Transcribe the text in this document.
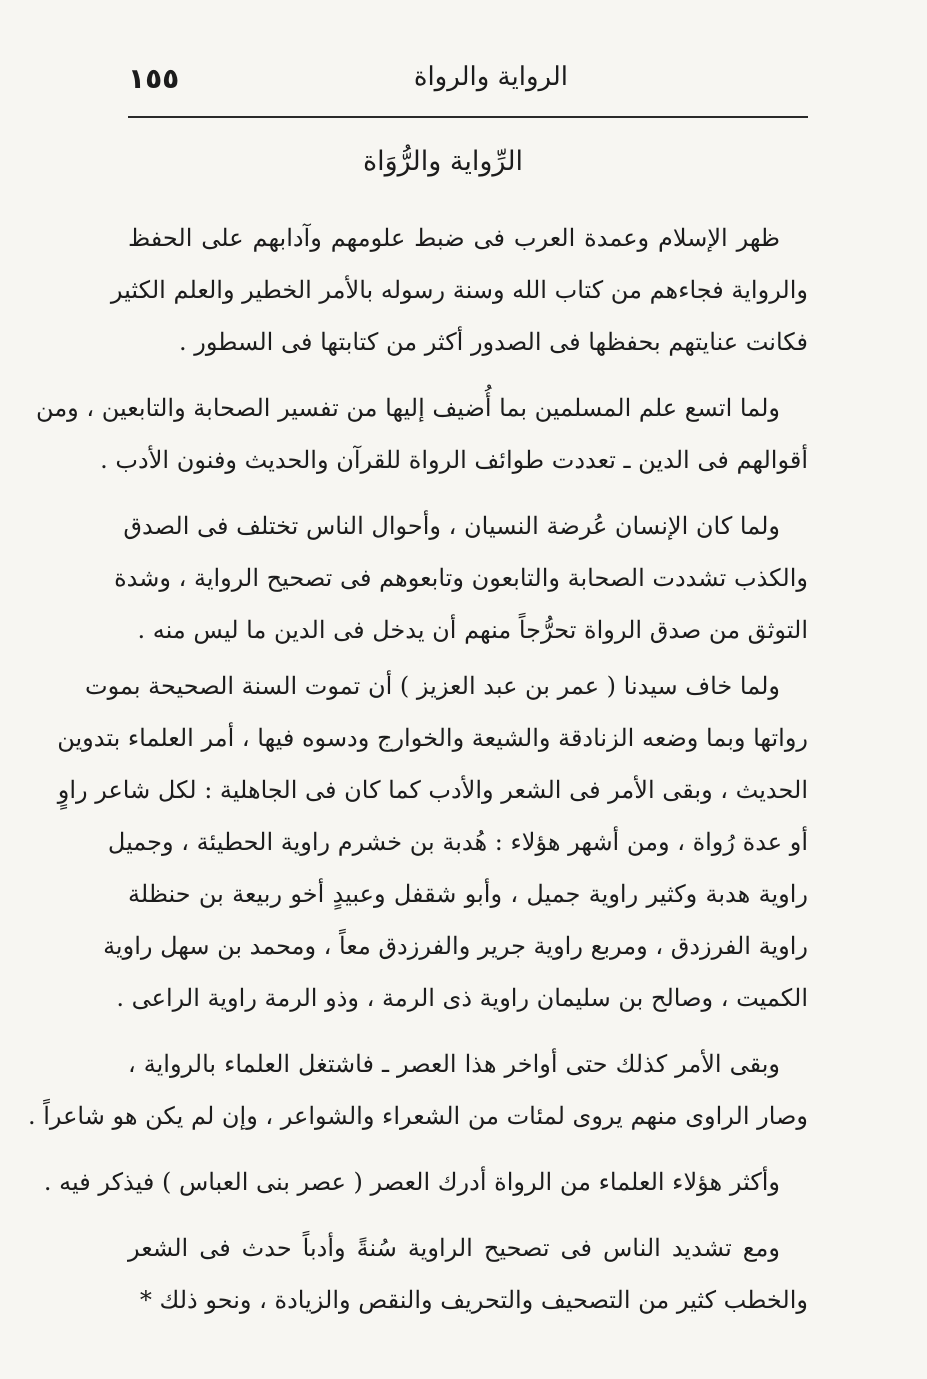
الرواية والرواة
١٥٥
الرِّواية والرُّوَاة
ظهر الإسلام وعمدة العرب فى ضبط علومهم وآدابهم على الحفظ
والرواية فجاءهم من كتاب الله وسنة رسوله بالأمر الخطير والعلم الكثير
فكانت عنايتهم بحفظها فى الصدور أكثر من كتابتها فى السطور .
ولما اتسع علم المسلمين بما أُضيف إليها من تفسير الصحابة والتابعين ، ومن
أقوالهم فى الدين ـ تعددت طوائف الرواة للقرآن والحديث وفنون الأدب .
ولما كان الإنسان عُرضة النسيان ، وأحوال الناس تختلف فى الصدق
والكذب تشددت الصحابة والتابعون وتابعوهم فى تصحيح الرواية ، وشدة
التوثق من صدق الرواة تحرُّجاً منهم أن يدخل فى الدين ما ليس منه .
ولما خاف سيدنا ( عمر بن عبد العزيز ) أن تموت السنة الصحيحة بموت
رواتها وبما وضعه الزنادقة والشيعة والخوارج ودسوه فيها ، أمر العلماء بتدوين
الحديث ، وبقى الأمر فى الشعر والأدب كما كان فى الجاهلية : لكل شاعر راوٍ
أو عدة رُواة ، ومن أشهر هؤلاء : هُدبة بن خشرم راوية الحطيئة ، وجميل
راوية هدبة وكثير راوية جميل ، وأبو شقفل وعبيدٍ أخو ربيعة بن حنظلة
راوية الفرزدق ، ومربع راوية جرير والفرزدق معاً ، ومحمد بن سهل راوية
الكميت ، وصالح بن سليمان راوية ذى الرمة ، وذو الرمة راوية الراعى .
وبقى الأمر كذلك حتى أواخر هذا العصر ـ فاشتغل العلماء بالرواية ،
وصار الراوى منهم يروى لمئات من الشعراء والشواعر ، وإن لم يكن هو شاعراً .
وأكثر هؤلاء العلماء من الرواة أدرك العصر ( عصر بنى العباس ) فيذكر فيه .
ومع تشديد الناس فى تصحيح الراوية سُنةً وأدباً حدث فى الشعر
والخطب كثير من التصحيف والتحريف والنقص والزيادة ، ونحو ذلك *
